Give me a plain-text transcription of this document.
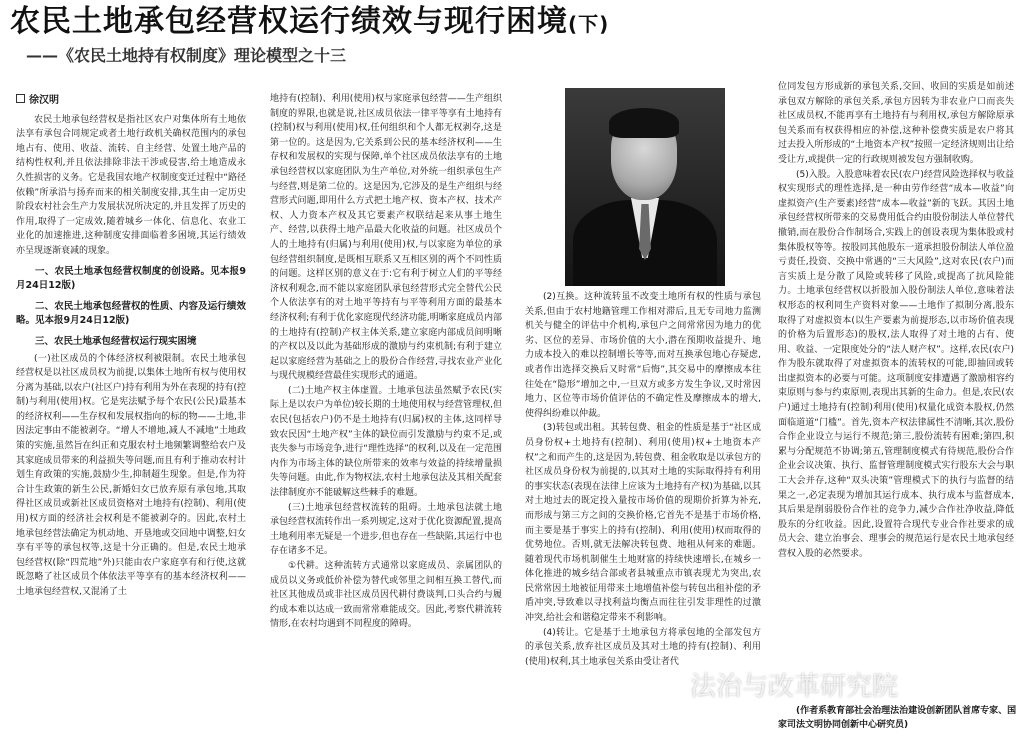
农民土地承包经营权运行绩效与现行困境(下)
——《农民土地持有权制度》理论模型之十三

徐汉明

农民土地承包经营权是指社区农户对集体所有土地依法享有承包合同规定或者土地行政机关确权范围内的承包地占有、使用、收益、流转、自主经营、处置土地产品的结构性权利,并且依法排除非法干涉或侵害,给土地造成永久性损害的义务。它是我国农地产权制度变迁过程中“路径依赖”所承沿与扬弃而来的相关制度安排,其生由一定历史阶段农村社会生产力发展状况所决定的,并且发挥了历史的作用,取得了一定成效,随着城乡一体化、信息化、农业工业化的加速推进,这种制度安排面临着多困境,其运行绩效亦呈现逐渐衰减的现象。

一、农民土地承包经营权制度的创设路。见本报9月24日12版)

二、农民土地承包经营权的性质、内容及运行绩效略。见本报9月24日12版)

三、农民土地承包经营权运行现实困境

(一)社区成员的个体经济权利被限制。农民土地承包经营权是以社区成员权为前提,以集体土地所有权与使用权分离为基础,以农户(社区户)持有利用为外在表现的持有(控制)与利用(使用)权。它是宪法赋予每个农民(公民)最基本的经济权利——生存权和发展权指向的标的物——土地,非因法定事由不能被剥夺。“增人不增地,减人不减地”土地政策的实施,虽然旨在纠正和克服农村土地频繁调整给农户及其家庭成员带来的利益损失等问题,而且有利于推动农村计划生育政策的实施,鼓励少生,抑制超生现象。但是,作为符合计生政策的新生公民,新婚妇女已放弃原有承包地,其取得社区成员或新社区成员资格对土地持有(控制)、利用(使用)权方面的经济社会权利是不能被剥夺的。因此,农村土地承包经营法确定为机动地、开垦地或交回地中调整,妇女享有平等的承包权等,这是十分正确的。但是,农民土地承包经营权(除“四荒地”外)只能由农户家庭享有和行使,这就既忽略了社区成员个体依法平等享有的基本经济权利——土地承包经营权,又混淆了土

地持有(控制)、利用(使用)权与家庭承包经营——生产组织制度的界限,也就是说,社区成员依法一律平等享有土地持有(控制)权与利用(使用)权,任何组织和个人都无权剥夺,这是第一位的。这是因为,它关系到公民的基本经济权利——生存权和发展权的实现与保障,单个社区成员依法享有的土地承包经营权以家庭团队为生产单位,对外统一组织承包生产与经营,则是第二位的。这是因为,它涉及的是生产组织与经营形式问题,即用什么方式把土地产权、资本产权、技术产权、人力资本产权及其它要素产权联结起来从事土地生产、经营,以获得土地产品最大化收益的问题。社区成员个人的土地持有(归属)与利用(使用)权,与以家庭为单位的承包经营组织制度,是既相互联系又互相区别的两个不同性质的问题。这样区别的意义在于:它有利于树立人们的平等经济权利观念,而不能以家庭团队承包经营形式完全替代公民个人依法享有的对土地平等持有与平等利用方面的最基本经济权利;有利于优化家庭现代经济功能,明晰家庭成员内部的土地持有(控制)产权主体关系,建立家庭内部成员间明晰的产权以及以此为基础形成的激励与约束机制;有利于建立起以家庭经营为基础之上的股份合作经营,寻找农业产业化与现代规模经营最佳实现形式的通道。

(二)土地产权主体虚置。土地承包法虽然赋予农民(实际上是以农户为单位)较长期的土地使用权与经营管理权,但农民(包括农户)仍不是土地持有(归属)权的主体,这同样导致农民因“土地产权”主体的缺位而引发激励与约束不足,或丧失参与市场竞争,进行“理性选择”的权利,以及在一定范围内作为市场主体的缺位所带来的效率与效益的持续增量损失等问题。由此,作为物权法,农村土地承包法及其相关配套法律制度亦不能破解这些棘手的难题。

(三)土地承包经营权流转的阻碍。土地承包法就土地承包经营权流转作出一系列规定,这对于优化资源配置,提高土地利用率无疑是一个进步,但也存在一些缺陷,其运行中也存在诸多不足。

①代耕。这种流转方式通常以家庭成员、亲属团队的成员以义务或低价补偿为替代或邻里之间相互换工替代,而社区其他成员或非社区成员因代耕付费谈判,口头合约与履约成本难以达成一致而常常难能成交。因此,考察代耕流转情形,在农村均遇到不同程度的障碍。

(2)互换。这种流转虽不改变土地所有权的性质与承包关系,但由于农村地籍管理工作相对滞后,且无专司地力监测机关与健全的评估中介机构,承包户之间常常因为地力的优劣、区位的差异、市场价值的大小,潜在预期收益提升、地力成本投入的难以控制增长等等,而对互换承包地心存疑虑,或者作出选择交换后又时常“后悔”,其交易中的摩擦成本往往处在“隐形”增加之中,一旦双方或多方发生争议,又时常因地力、区位等市场价值评估的不确定性及摩擦成本的增大,使得纠纷难以仲裁。

(3)转包或出租。其转包费、租金的性质是基于“社区成员身份权+土地持有(控制)、利用(使用)权+土地资本产权”之和而产生的,这是因为,转包费、租金收取是以承包方的社区成员身份权为前提的,以其对土地的实际取得持有利用的事实状态(表现在法律上应该为土地持有产权)为基础,以其对土地过去的既定投入量按市场价值的现期价折算为补充,而形成与第三方之间的交换价格,它首先不是基于市场价格,而主要是基于事实上的持有(控制)、利用(使用)权而取得的优势地位。否则,就无法解决转包费、地租从何来的难题。随着现代市场机制催生土地财富的持续快速增长,在城乡一体化推进的城乡结合部或者县城重点市镇表现尤为突出,农民常常因土地被征用带来土地增值补偿与转包出租补偿的矛盾冲突,导致难以寻找利益均衡点而往往引发非理性的过激冲突,给社会和谐稳定带来不利影响。

(4)转让。它是基于土地承包方将承包地的全部发包方的承包关系,放弃社区成员及其对土地的持有(控制)、利用(使用)权利,其土地承包关系由受让者代

位同发包方形成新的承包关系,交回、收回的实质是如前述承包双方解除的承包关系,承包方因转为非农业户口而丧失社区成员权,不能再享有土地持有与利用权,承包方解除原承包关系而有权获得相应的补偿,这种补偿费实质是农户将其过去投入所形成的“土地资本产权”按照一定经济规则出让给受让方,或提供一定的行政规则被发包方强制收购。

(5)入股。入股意味着农民(农户)经营风险选择权与收益权实现形式的理性选择,是一种由劳作经营“成本—收益”向虚拟资产(生产要素)经营“成本—收益”新的飞跃。其因土地承包经营权所带来的交易费用低合约由股份制法人单位替代撤销,而在股份合作制场合,实践上的创设表现为集体股或村集体股权等等。按股同其他股东一道承担股份制法人单位盈亏责任,投资、交换中常遇的“三大风险”,这对农民(农户)而言实质上是分散了风险或转移了风险,或提高了抗风险能力。土地承包经营权以折股加入股份制法人单位,意味着法权形态的权利同生产资料对象——土地作了拟制分离,股东取得了对虚拟资本(以生产要素为前提形态,以市场价值表现的价格为后置形态)的股权,法人取得了对土地的占有、使用、收益、一定限度处分的“法人财产权”。这样,农民(农户)作为股东就取得了对虚拟资本的流转权的可能,即抽回或转出虚拟资本的必要与可能。这项制度安排遭遇了激励相容约束原则与参与约束原则,表现出其新的生命力。但是,农民(农户)通过土地持有(控制)利用(使用)权量化成资本股权,仍然面临道道“门槛”。首先,资本产权法律属性不清晰,其次,股份合作企业设立与运行不规范;第三,股份流转有困难;第四,积累与分配规范不协调;第五,管理制度模式有待规范,股份合作企业会议决策、执行、监督管理制度模式实行股东大会与职工大会并存,这种“双头决策”管理模式下的执行与监督的结果之一,必定表现为增加其运行成本、执行成本与监督成本,其后果是削弱股份合作社的竞争力,减少合作社净收益,降低股东的分红收益。因此,设置符合现代专业合作社要求的成员大会、建立治事会、理事会的规范运行是农民土地承包经营权入股的必然要求。

(作者系教育部社会治理法治建设创新团队首席专家、国家司法文明协同创新中心研究员)
法治与改革研究院
